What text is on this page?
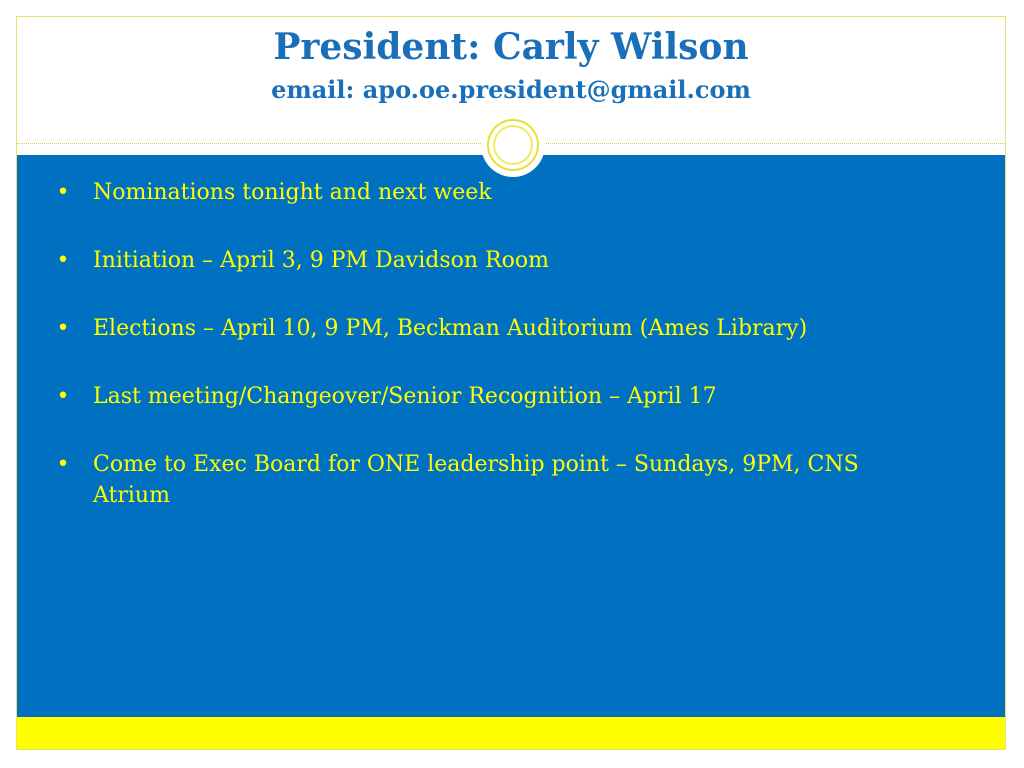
President: Carly Wilson
email: apo.oe.president@gmail.com
• Nominations tonight and next week
• Initiation – April 3, 9 PM Davidson Room
• Elections – April 10, 9 PM, Beckman Auditorium (Ames Library)
• Last meeting/Changeover/Senior Recognition – April 17
• Come to Exec Board for ONE leadership point – Sundays, 9PM, CNS Atrium
